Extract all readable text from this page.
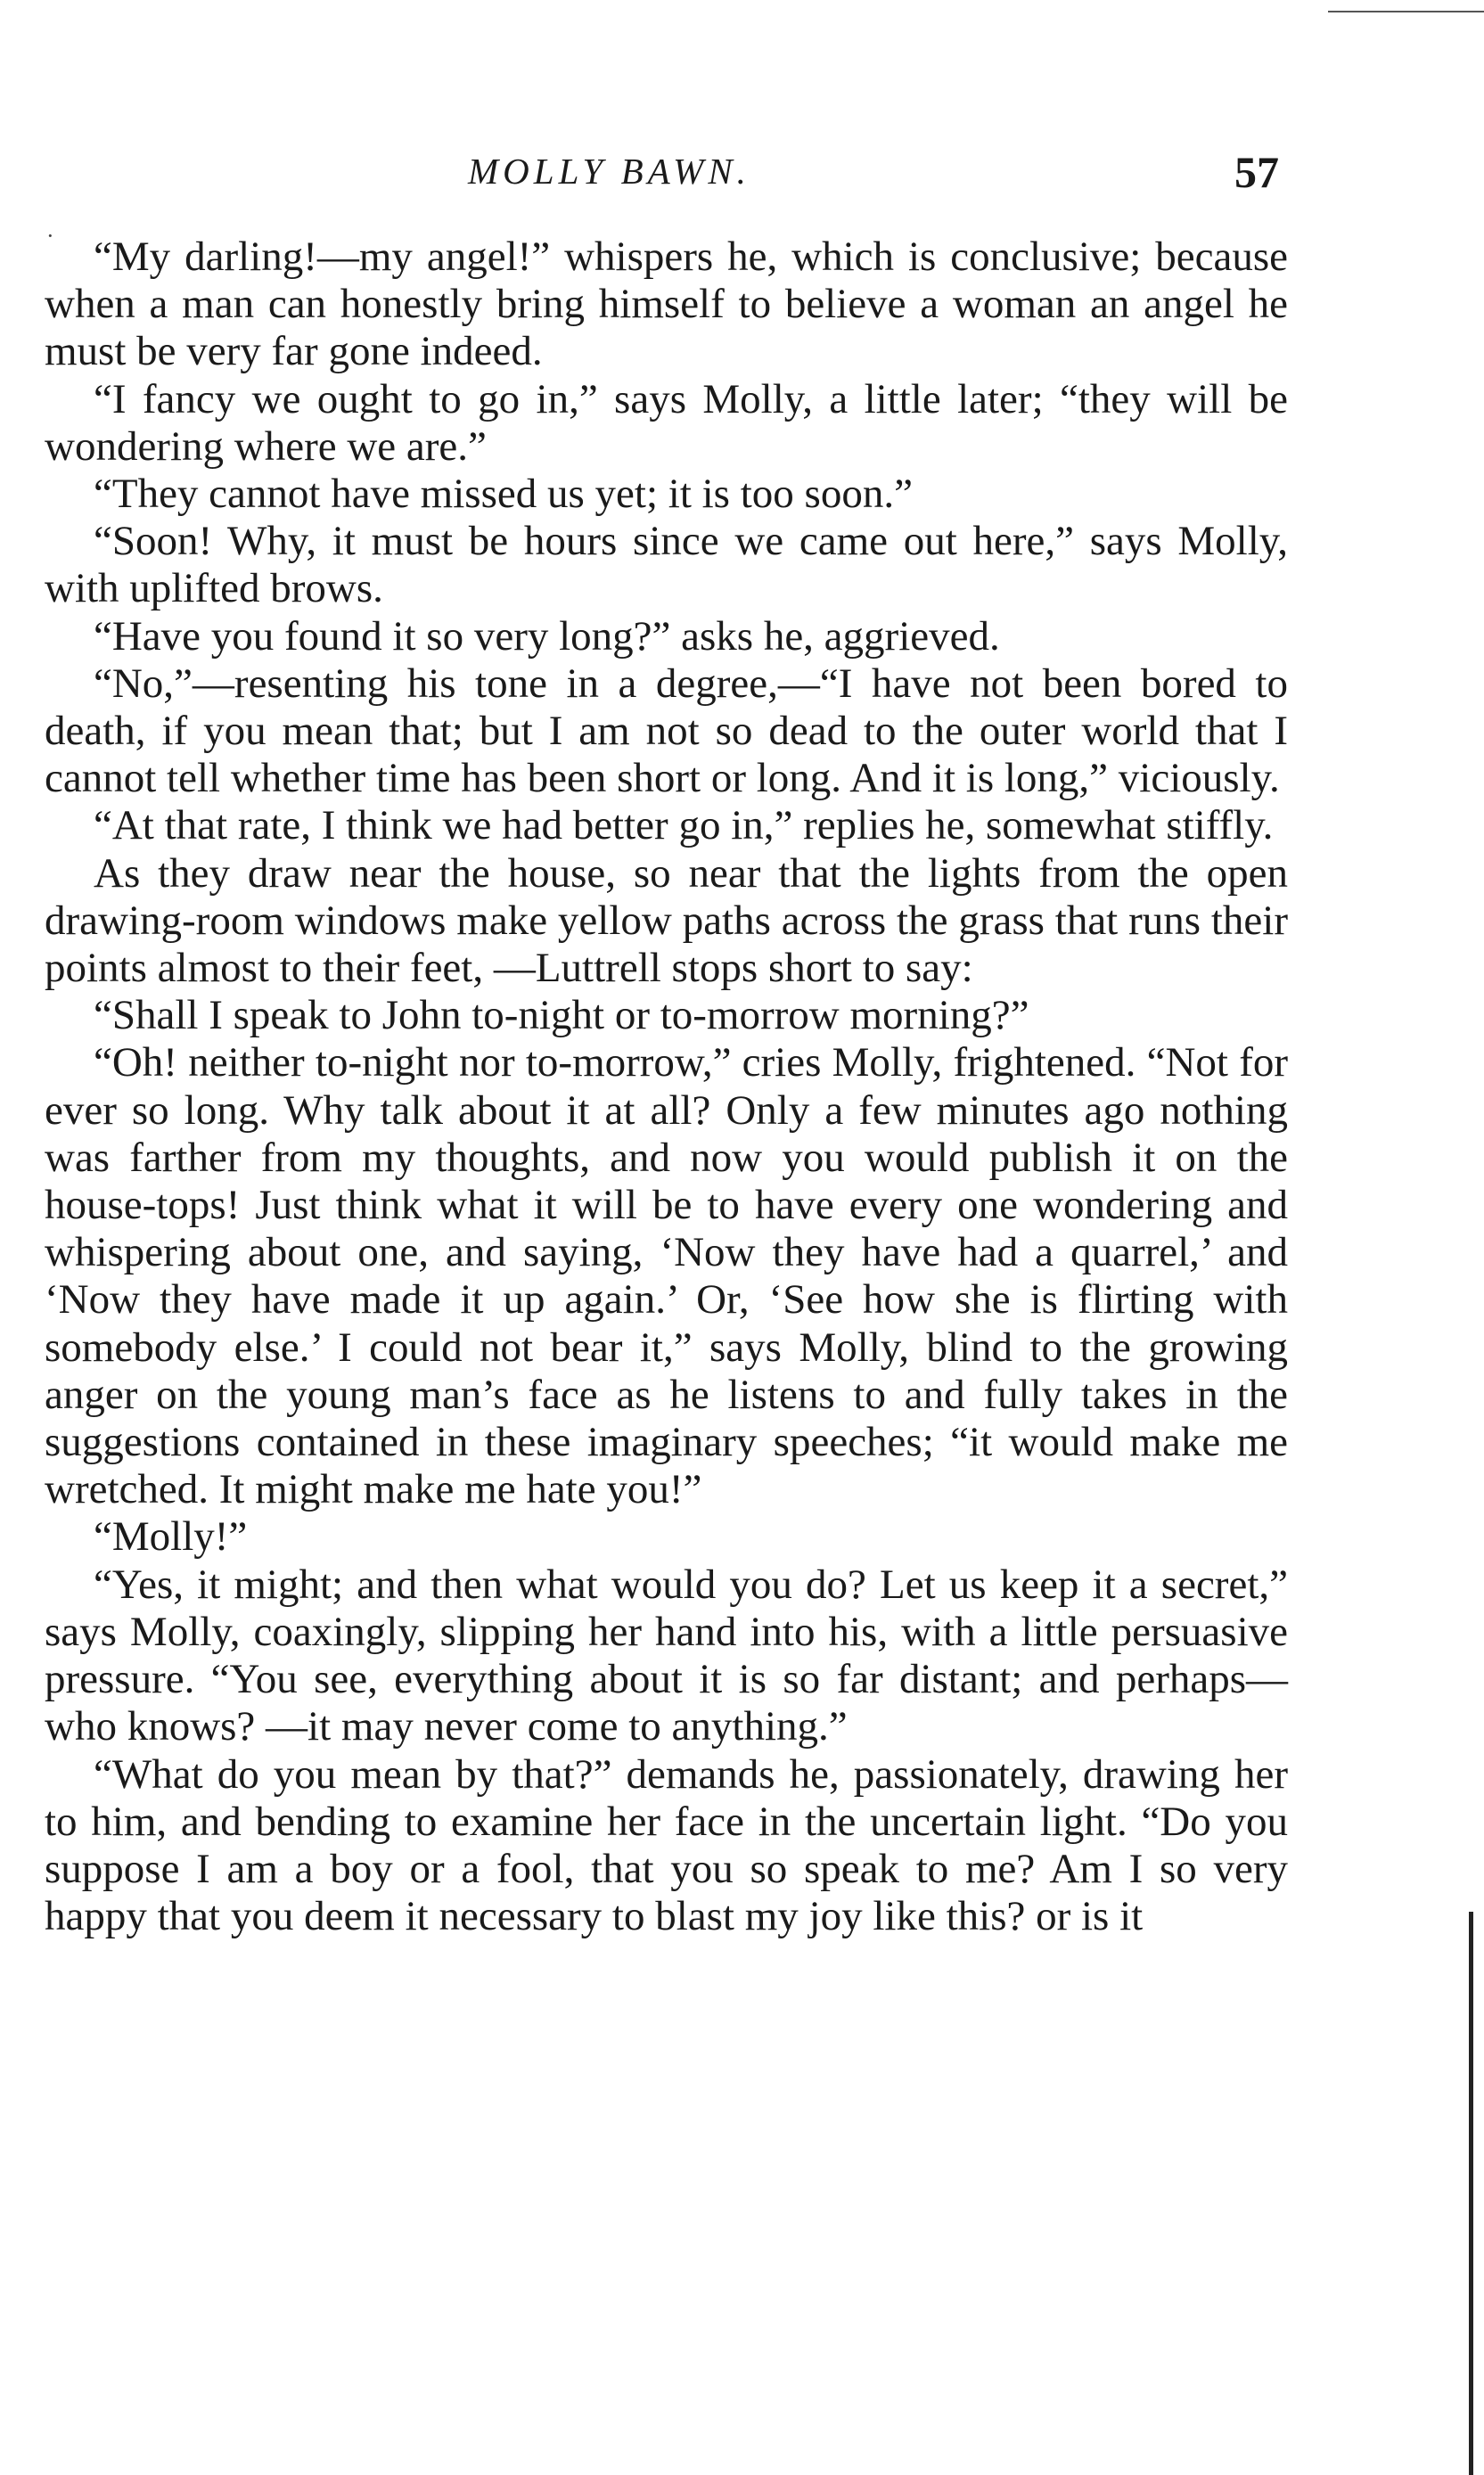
MOLLY BAWN.	57
· “My darling!—my angel!” whispers he, which is conclusive; because when a man can honestly bring himself to believe a woman an angel he must be very far gone indeed.

“I fancy we ought to go in,” says Molly, a little later; “they will be wondering where we are.”

“They cannot have missed us yet; it is too soon.”

“Soon! Why, it must be hours since we came out here,” says Molly, with uplifted brows.

“Have you found it so very long?” asks he, aggrieved.

“No,”—resenting his tone in a degree,—“I have not been bored to death, if you mean that; but I am not so dead to the outer world that I cannot tell whether time has been short or long. And it is long,” viciously.

“At that rate, I think we had better go in,” replies he, somewhat stiffly.

As they draw near the house, so near that the lights from the open drawing-room windows make yellow paths across the grass that runs their points almost to their feet, —Luttrell stops short to say:

“Shall I speak to John to-night or to-morrow morning?”

“Oh! neither to-night nor to-morrow,” cries Molly, frightened. “Not for ever so long. Why talk about it at all? Only a few minutes ago nothing was farther from my thoughts, and now you would publish it on the house-tops! Just think what it will be to have every one wondering and whispering about one, and saying, ‘Now they have had a quarrel,’ and ‘Now they have made it up again.’ Or, ‘See how she is flirting with somebody else.’ I could not bear it,” says Molly, blind to the growing anger on the young man’s face as he listens to and fully takes in the suggestions contained in these imaginary speeches; “it would make me wretched. It might make me hate you!”

“Molly!”

“Yes, it might; and then what would you do? Let us keep it a secret,” says Molly, coaxingly, slipping her hand into his, with a little persuasive pressure. “You see, everything about it is so far distant; and perhaps—who knows? —it may never come to anything.”

“What do you mean by that?” demands he, passionately, drawing her to him, and bending to examine her face in the uncertain light. “Do you suppose I am a boy or a fool, that you so speak to me? Am I so very happy that you deem it necessary to blast my joy like this? or is it
